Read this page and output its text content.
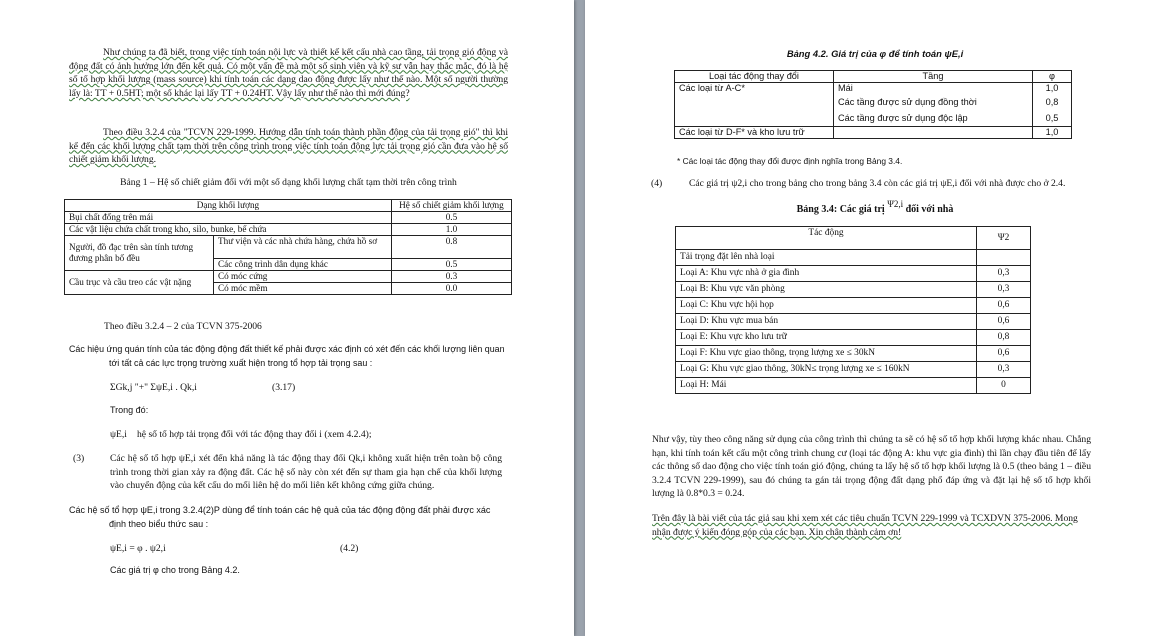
Như chúng ta đã biết, trong việc tính toán nội lực và thiết kế kết cấu nhà cao tầng, tải trọng gió động và động đất có ảnh hưởng lớn đến kết quả. Có một vấn đề mà một số sinh viên và kỹ sư vẫn hay thắc mắc, đó là hệ số tổ hợp khối lượng (mass source) khi tính toán các dạng dao động được lấy như thế nào. Một số người thường lấy là: TT + 0.5HT; một số khác lại lấy TT + 0.24HT. Vậy lấy như thế nào thì mới đúng?

Theo điều 3.2.4 của "TCVN 229-1999. Hướng dẫn tính toán thành phần động của tải trọng gió" thì khi kể đến các khối lượng chất tạm thời trên công trình trong việc tính toán động lực tải trọng gió cần đưa vào hệ số chiết giảm khối lượng.

Bảng 1 – Hệ số chiết giảm đối với một số dạng khối lượng chất tạm thời trên công trình
Dạng khối lượng		Hệ số chiết giảm khối lượng
Bụi chất đống trên mái		0.5
Các vật liệu chứa chất trong kho, silo, bunke, bể chứa		1.0
Người, đồ đạc trên sàn tính tương đương phân bố đều	Thư viện và các nhà chứa hàng, chứa hồ sơ	0.8
	Các công trình dân dụng khác	0.5
Cầu trục và cầu treo các vật nặng	Có móc cứng	0.3
	Có móc mềm	0.0
Theo điều 3.2.4 – 2 của TCVN 375-2006

Các hiệu ứng quán tính của tác động động đất thiết kế phải được xác định có xét đến các khối lượng liên quan tới tất cả các lực trọng trường xuất hiện trong tổ hợp tải trọng sau :

ΣGk,j "+" ΣψE,i . Qk,i	(3.17)
Trong đó:
ψE,i hệ số tổ hợp tải trọng đối với tác động thay đổi i (xem 4.2.4);
(3)	Các hệ số tổ hợp ψE,i xét đến khả năng là tác động thay đổi Qk,i không xuất hiện trên toàn bộ công trình trong thời gian xảy ra động đất. Các hệ số này còn xét đến sự tham gia hạn chế của khối lượng vào chuyển động của kết cấu do mối liên hệ do mối liên kết không cứng giữa chúng.

Các hệ số tổ hợp ψE,i trong 3.2.4(2)P dùng để tính toán các hệ quả của tác động động đất phải được xác định theo biểu thức sau :

ψE,i = φ . ψ2,i	(4.2)
Các giá trị φ cho trong Bảng 4.2.
Bảng 4.2. Giá trị của φ để tính toán ψE,i
Loại tác động thay đổi	Tầng	φ
Các loại từ A-C*	Mái	1,0
	Các tầng được sử dụng đồng thời	0,8
	Các tầng được sử dụng độc lập	0,5
Các loại từ D-F* và kho lưu trữ		1,0
* Các loại tác động thay đổi được định nghĩa trong Bảng 3.4.
(4)	Các giá trị ψ2,i cho trong bảng cho trong bảng 3.4 còn các giá trị ψE,i đối với nhà được cho ở 2.4.

Bảng 3.4: Các giá trị Ψ2,i đối với nhà
Tác động	Ψ2
Tải trọng đặt lên nhà loại	
Loại A: Khu vực nhà ở gia đình	0,3
Loại B: Khu vực văn phòng	0,3
Loại C: Khu vực hội họp	0,6
Loại D: Khu vực mua bán	0,6
Loại E: Khu vực kho lưu trữ	0,8
Loại F: Khu vực giao thông, trọng lượng xe ≤ 30kN	0,6
Loại G: Khu vực giao thông, 30kN≤ trọng lượng xe ≤ 160kN	0,3
Loại H: Mái	0

Như vậy, tùy theo công năng sử dụng của công trình thì chúng ta sẽ có hệ số tổ hợp khối lượng khác nhau. Chẳng hạn, khi tính toán kết cấu một công trình chung cư (loại tác động A: khu vực gia đình) thì lần chạy đầu tiên để lấy các thông số dao động cho việc tính toán gió động, chúng ta lấy hệ số tổ hợp khối lượng là 0.5 (theo bảng 1 – điều 3.2.4 TCVN 229-1999), sau đó chúng ta gán tải trọng động đất dạng phổ đáp ứng và đặt lại hệ số tổ hợp khối lượng là 0.8*0.3 = 0.24.

Trên đây là bài viết của tác giả sau khi xem xét các tiêu chuẩn TCVN 229-1999 và TCXDVN 375-2006. Mong nhận được ý kiến đóng góp của các bạn. Xin chân thành cảm ơn!
